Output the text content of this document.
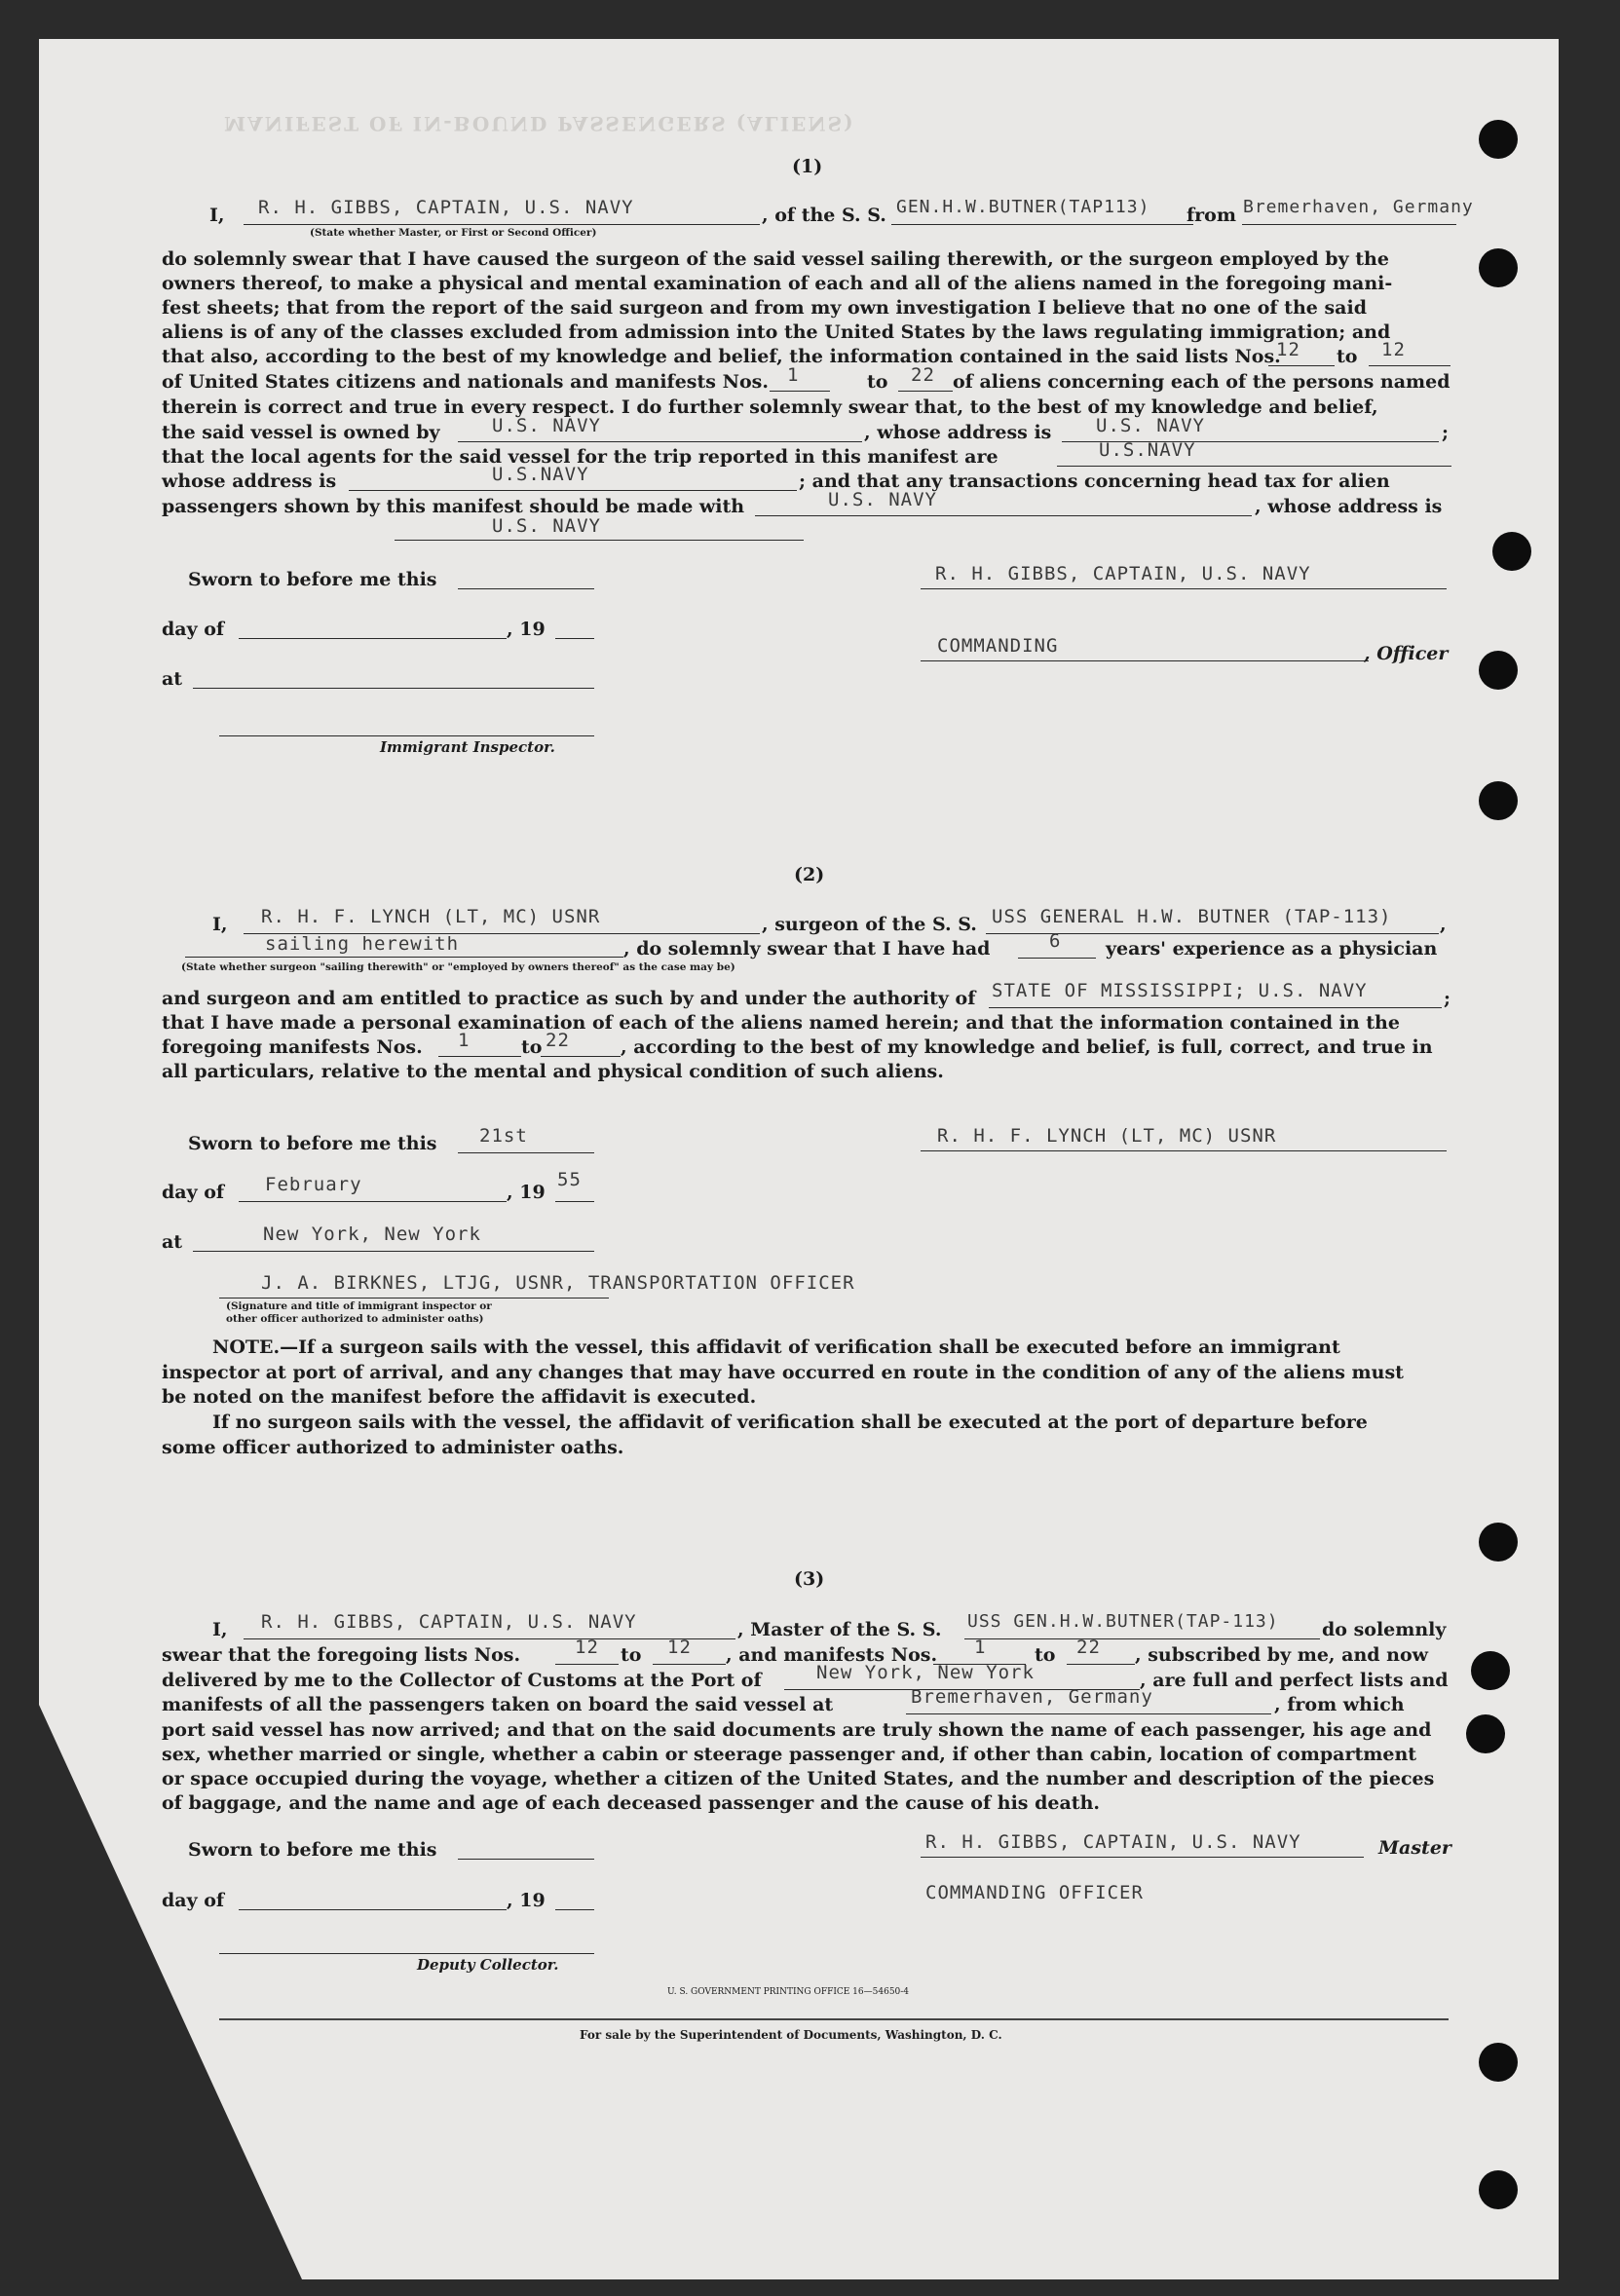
MANIFEST OF IN-BOUND PASSENGERS (ALIENS)
(1)
I, R. H. GIBBS, CAPTAIN, U.S. NAVY
(State whether Master, or First or Second Officer)
, of the S. S. GEN.H.W.BUTNER(TAP113) from Bremerhaven, Germany
do solemnly swear that I have caused the surgeon of the said vessel sailing therewith, or the surgeon employed by the
owners thereof, to make a physical and mental examination of each and all of the aliens named in the foregoing mani-
fest sheets; that from the report of the said surgeon and from my own investigation I believe that no one of the said
aliens is of any of the classes excluded from admission into the United States by the laws regulating immigration; and
that also, according to the best of my knowledge and belief, the information contained in the said lists Nos.
12 to 12
of United States citizens and nationals and manifests Nos. 1	to 22 of aliens concerning each of the persons named
therein is correct and true in every respect. I do further solemnly swear that, to the best of my knowledge and belief,
the said vessel is owned by	U.S. NAVY	, whose address is U.S. NAVY	;
that the local agents for the said vessel for the trip reported in this manifest are	U.S.NAVY
whose address is	U.S.NAVY	; and that any transactions concerning head tax for alien
passengers shown by this manifest should be made with	U.S. NAVY	, whose address is
U.S. NAVY
Sworn to before me this	R. H. GIBBS, CAPTAIN, U.S. NAVY
day of	, 19
COMMANDING	, Officer
at
Immigrant Inspector.
(2)
I, R. H. F. LYNCH (LT, MC) USNR	, surgeon of the S. S. USS GENERAL H.W. BUTNER (TAP-113)	,
sailing herewith	, do solemnly swear that I have had	6 years' experience as a physician
(State whether surgeon "sailing therewith" or "employed by owners thereof" as the case may be)
and surgeon and am entitled to practice as such by and under the authority of STATE OF MISSISSIPPI; U.S. NAVY	;
that I have made a personal examination of each of the aliens named herein; and that the information contained in the
foregoing manifests Nos. 1	to 22	, according to the best of my knowledge and belief, is full, correct, and true in
all particulars, relative to the mental and physical condition of such aliens.
Sworn to before me this 21st	R. H. F. LYNCH (LT, MC) USNR
day of February	, 19
55
at	New York, New York
J. A. BIRKNES, LTJG, USNR, TRANSPORTATION OFFICER
(Signature and title of immigrant inspector or
other officer authorized to administer oaths)
NOTE.—If a surgeon sails with the vessel, this affidavit of verification shall be executed before an immigrant
inspector at port of arrival, and any changes that may have occurred en route in the condition of any of the aliens must
be noted on the manifest before the affidavit is executed.
If no surgeon sails with the vessel, the affidavit of verification shall be executed at the port of departure before
some officer authorized to administer oaths.
(3)
I, R. H. GIBBS, CAPTAIN, U.S. NAVY	, Master of the S. S. USS GEN.H.W.BUTNER(TAP-113) do solemnly
swear that the foregoing lists Nos.	12 to 12 , and manifests Nos. 1	to 22 , subscribed by me, and now
delivered by me to the Collector of Customs at the Port of	New York, New York	, are full and perfect lists and
manifests of all the passengers taken on board the said vessel at	Bremerhaven, Germany	, from which
port said vessel has now arrived; and that on the said documents are truly shown the name of each passenger, his age and
sex, whether married or single, whether a cabin or steerage passenger and, if other than cabin, location of compartment
or space occupied during the voyage, whether a citizen of the United States, and the number and description of the pieces
of baggage, and the name and age of each deceased passenger and the cause of his death.
Sworn to before me this	R. H. GIBBS, CAPTAIN, U.S. NAVY	Master
day of	, 19	COMMANDING OFFICER
Deputy Collector.
U. S. GOVERNMENT PRINTING OFFICE 16—54650-4
For sale by the Superintendent of Documents, Washington, D. C.
